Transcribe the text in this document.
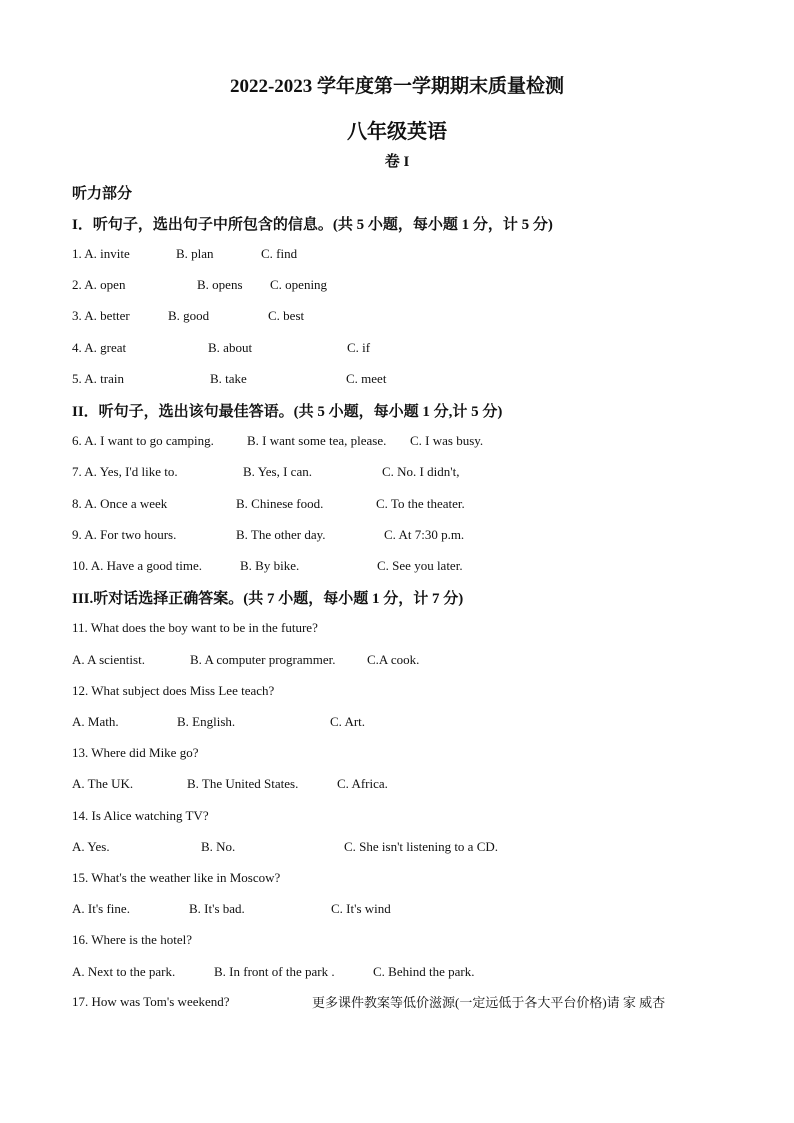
2022-2023 学年度第一学期期末质量检测
八年级英语
卷 I
听力部分
I．听句子，选出句子中所包含的信息。(共 5 小题，每小题 1 分，计 5 分)
1. A. invite	B. plan	C. find
2. A. open	B. opens C. opening
3. A. better	B. good	C. best
4. A. great	B. about	C. if
5. A. train	B. take	C. meet
II．听句子，选出该句最佳答语。(共 5 小题，每小题 1 分,计 5 分)
6. A. I want to go camping.	B. I want some tea, please. C. I was busy.
7. A. Yes, I'd like to.	B. Yes, I can.	C. No. I didn't,
8. A. Once a week	B. Chinese food.	C. To the theater.
9. A. For two hours.	B. The other day.	C. At 7:30 p.m.
10. A. Have a good time.	B. By bike.	C. See you later.
III.听对话选择正确答案。(共 7 小题，每小题 1 分，计 7 分)
11. What does the boy want to be in the future?
A. A scientist.	B. A computer programmer. C.A cook.
12. What subject does Miss Lee teach?
A. Math.	B. English.	C. Art.
13. Where did Mike go?
A. The UK.	B. The United States.	C. Africa.
14. Is Alice watching TV?
A. Yes.	B. No.	C. She isn't listening to a CD.
15. What's the weather like in Moscow?
A. It's fine.	B. It's bad.	C. It's wind
16. Where is the hotel?
A. Next to the park.	B. In front of the park .	C. Behind the park.
17. How was Tom's weekend?	更多课件教案等低价滋源(一定远低于各大平台价格)请 家 威杏
